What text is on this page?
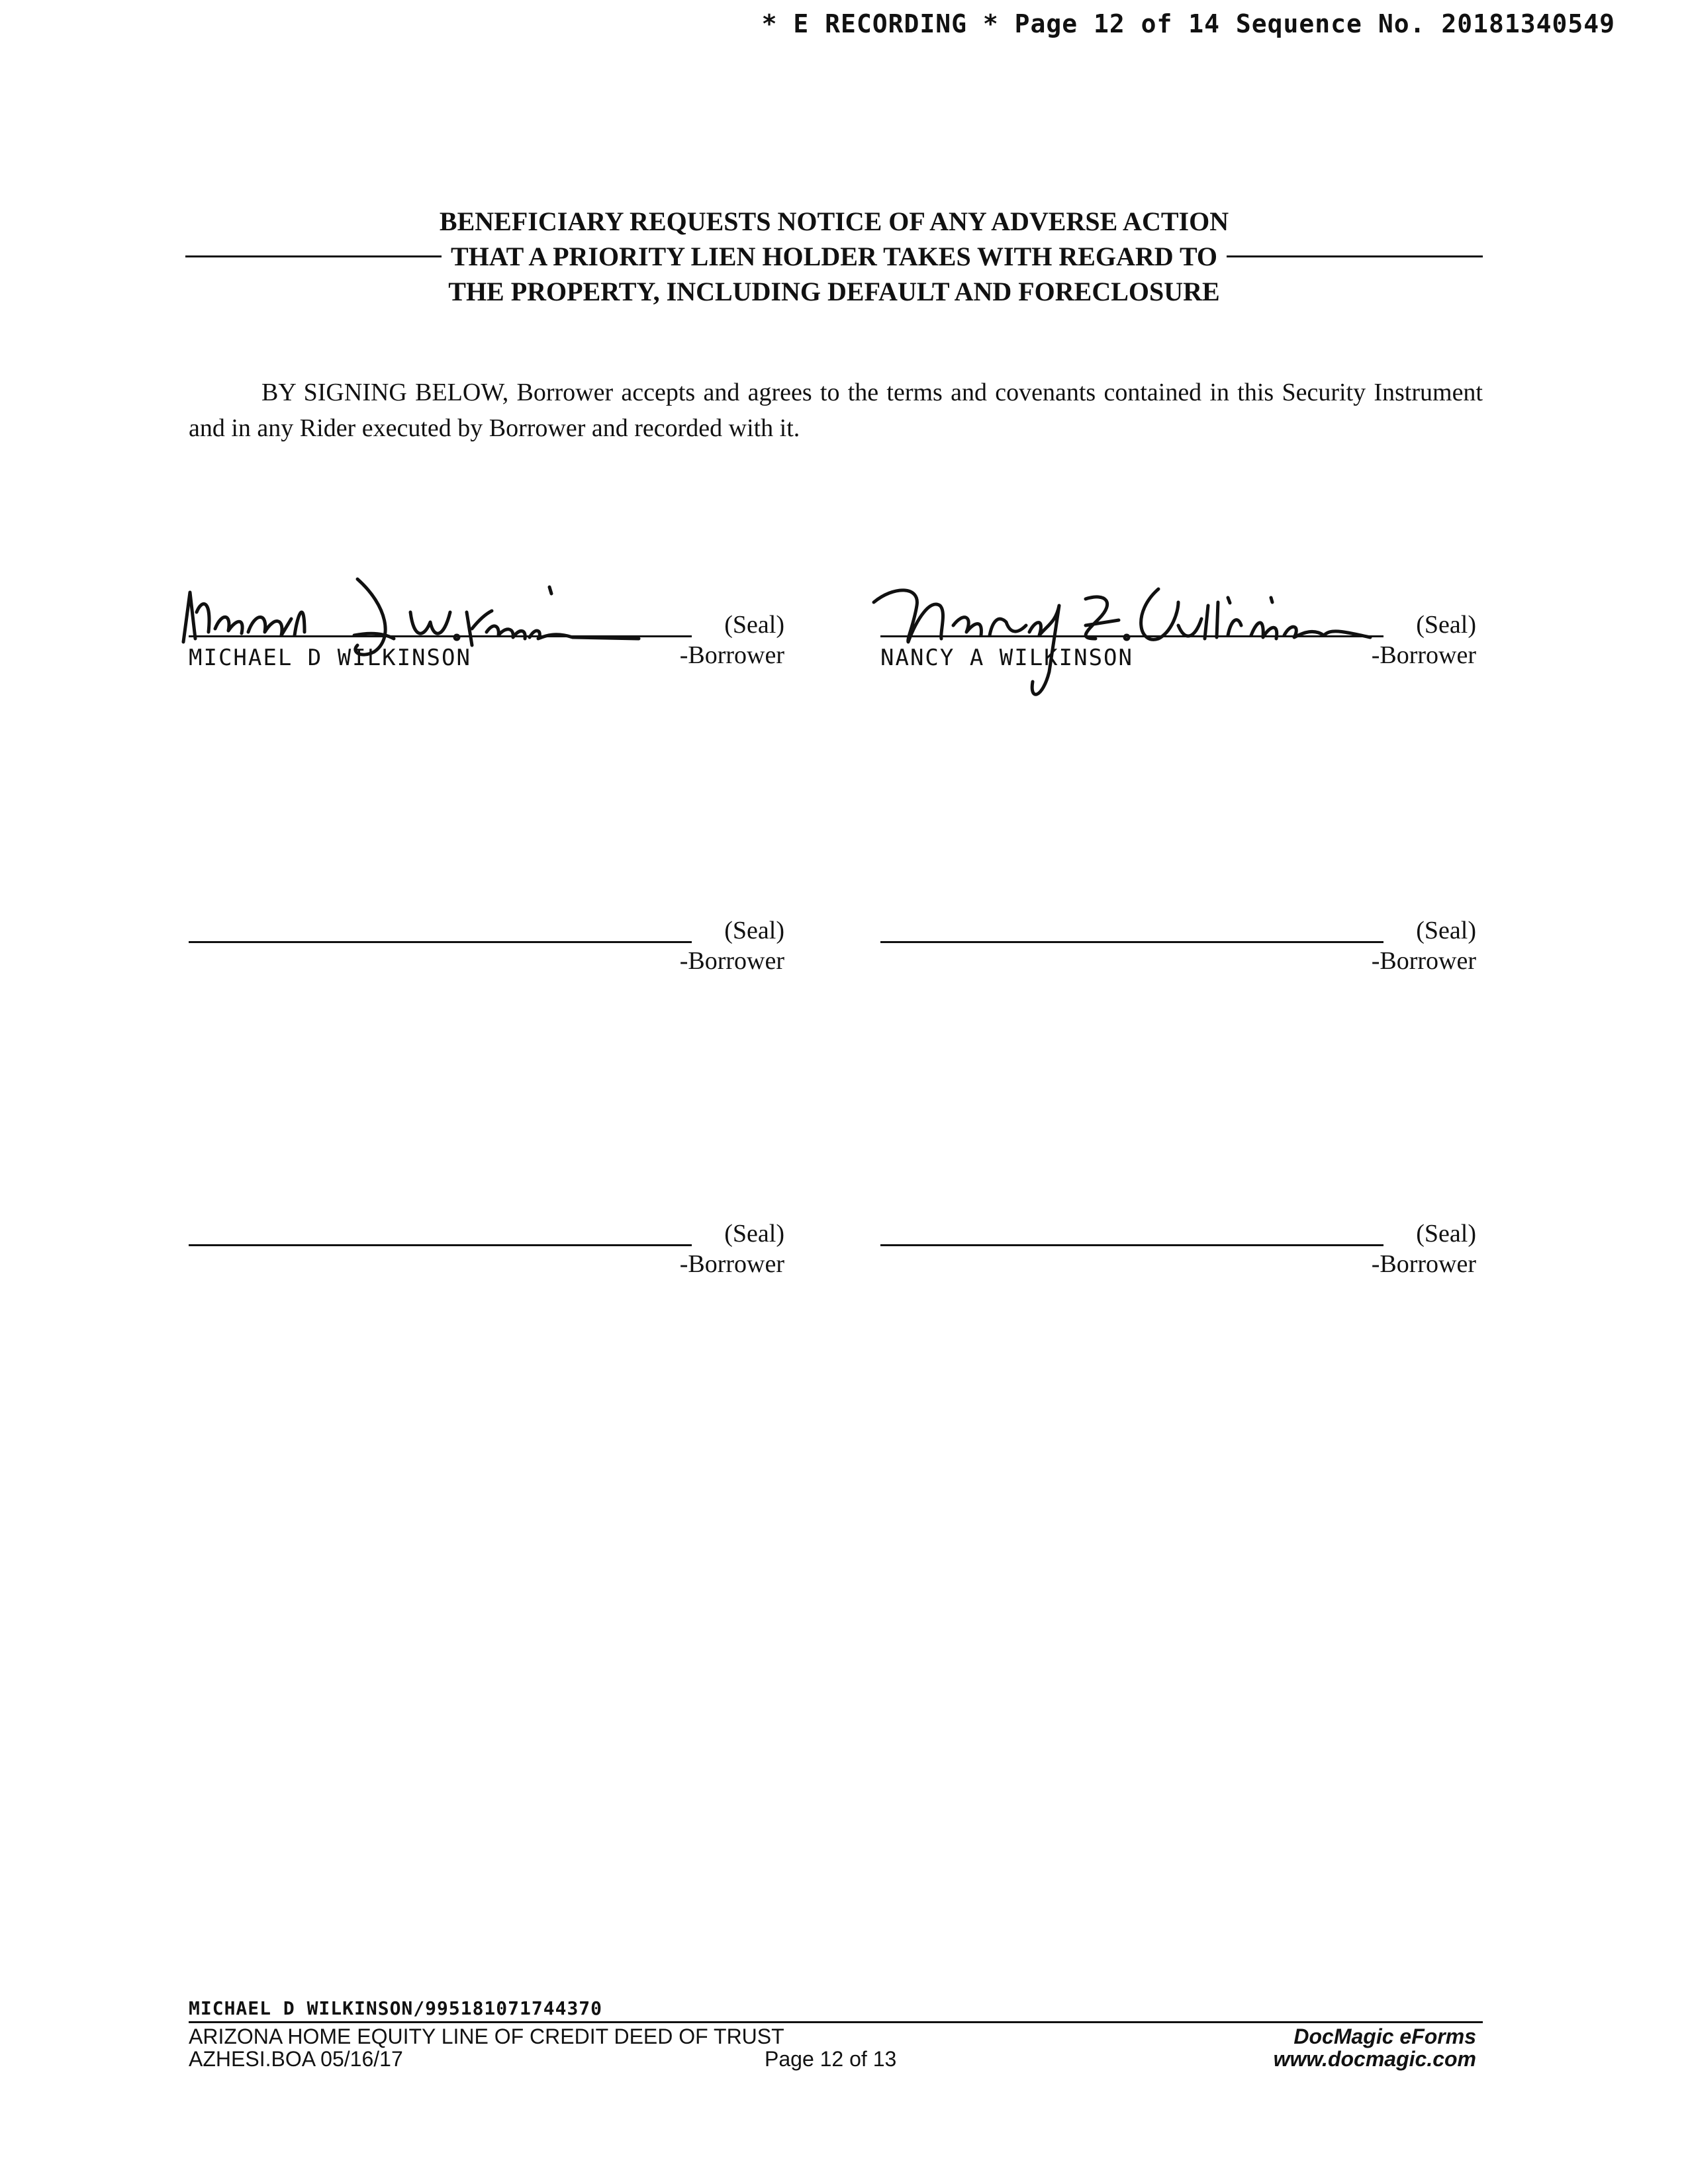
* E RECORDING * Page 12 of 14 Sequence No. 20181340549
BENEFICIARY REQUESTS NOTICE OF ANY ADVERSE ACTION
THAT A PRIORITY LIEN HOLDER TAKES WITH REGARD TO
THE PROPERTY, INCLUDING DEFAULT AND FORECLOSURE
BY SIGNING BELOW, Borrower accepts and agrees to the terms and covenants contained in this Security Instrument and in any Rider executed by Borrower and recorded with it.
(Seal)
-Borrower
MICHAEL D WILKINSON
(Seal)
-Borrower
NANCY A WILKINSON
(Seal)
-Borrower
(Seal)
-Borrower
(Seal)
-Borrower
(Seal)
-Borrower
MICHAEL D WILKINSON/995181071744370
ARIZONA HOME EQUITY LINE OF CREDIT DEED OF TRUST	DocMagic eForms
AZHESI.BOA 05/16/17	Page 12 of 13	www.docmagic.com
